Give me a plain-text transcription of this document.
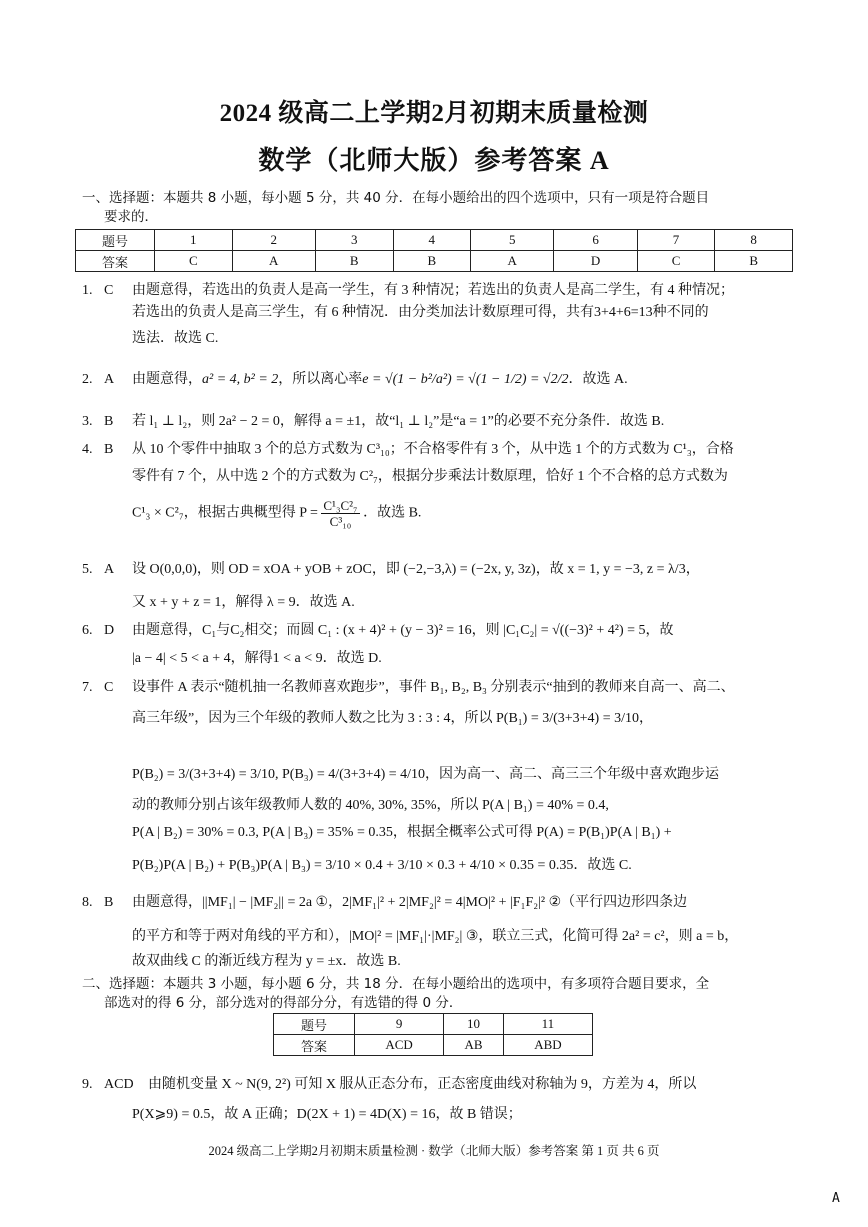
2024 级高二上学期2月初期末质量检测
数学（北师大版）参考答案 A
一、选择题：本题共 8 小题，每小题 5 分，共 40 分．在每小题给出的四个选项中，只有一项是符合题目
要求的．
题号	1	2	3	4	5	6	7	8
答案	C	A	B	B	A	D	C	B
1. C 由题意得，若选出的负责人是高一学生，有 3 种情况；若选出的负责人是高二学生，有 4 种情况；
若选出的负责人是高三学生，有 6 种情况．由分类加法计数原理可得，共有3+4+6=13种不同的
选法．故选 C.
2. A 由题意得，a² = 4, b² = 2，所以离心率e = √(1 − b²/a²) = √(1 − 1/2) = √2/2．故选 A.
3. B 若 l₁ ⊥ l₂，则 2a² − 2 = 0，解得 a = ±1，故“l₁ ⊥ l₂”是“a = 1”的必要不充分条件．故选 B.
4. B 从 10 个零件中抽取 3 个的总方式数为 C³₁₀；不合格零件有 3 个，从中选 1 个的方式数为 C¹₃，合格
零件有 7 个，从中选 2 个的方式数为 C²₇，根据分步乘法计数原理，恰好 1 个不合格的总方式数为
C¹₃ × C²₇，根据古典概型得 $P = \frac{\text{C¹₃C²₇}}{\text{C³₁₀}}$ ．故选 B.
5. A 设 O(0,0,0)，则 OD = xOA + yOB + zOC，即 (−2,−3,λ) = (−2x, y, 3z)，故 x = 1, y = −3, z = λ/3，
又 x + y + z = 1，解得 λ = 9．故选 A.
6. D 由题意得，C₁与C₂相交；而圆 C₁ : (x + 4)² + (y − 3)² = 16，则 |C₁C₂| = √((−3)² + 4²) = 5，故
|a − 4| < 5 < a + 4，解得1 < a < 9．故选 D.
7. C 设事件 A 表示“随机抽一名教师喜欢跑步”，事件 B₁, B₂, B₃ 分别表示“抽到的教师来自高一、高二、
高三年级”，因为三个年级的教师人数之比为 3 : 3 : 4，所以 P(B₁) = 3/(3+3+4) = 3/10，
P(B₂) = 3/(3+3+4) = 3/10, P(B₃) = 4/(3+3+4) = 4/10，因为高一、高二、高三三个年级中喜欢跑步运
动的教师分别占该年级教师人数的 40%, 30%, 35%，所以 P(A | B₁) = 40% = 0.4,
P(A | B₂) = 30% = 0.3, P(A | B₃) = 35% = 0.35，根据全概率公式可得 P(A) = P(B₁)P(A | B₁) +
P(B₂)P(A | B₂) + P(B₃)P(A | B₃) = 3/10 × 0.4 + 3/10 × 0.3 + 4/10 × 0.35 = 0.35．故选 C.
8. B 由题意得，||MF₁| − |MF₂|| = 2a ①，2|MF₁|² + 2|MF₂|² = 4|MO|² + |F₁F₂|² ②（平行四边形四条边
的平方和等于两对角线的平方和），|MO|² = |MF₁|·|MF₂| ③，联立三式，化简可得 2a² = c²，则 a = b，
故双曲线 C 的渐近线方程为 y = ±x．故选 B.
二、选择题：本题共 3 小题，每小题 6 分，共 18 分．在每小题给出的选项中，有多项符合题目要求，全
部选对的得 6 分，部分选对的得部分分，有选错的得 0 分．
题号	9	10	11
答案	ACD	AB	ABD
9. ACD 由随机变量 X ~ N(9, 2²) 可知 X 服从正态分布，正态密度曲线对称轴为 9，方差为 4，所以
P(X⩾9) = 0.5，故 A 正确；D(2X + 1) = 4D(X) = 16，故 B 错误；
2024 级高二上学期2月初期末质量检测 · 数学（北师大版）参考答案 第 1 页 共 6 页
A
